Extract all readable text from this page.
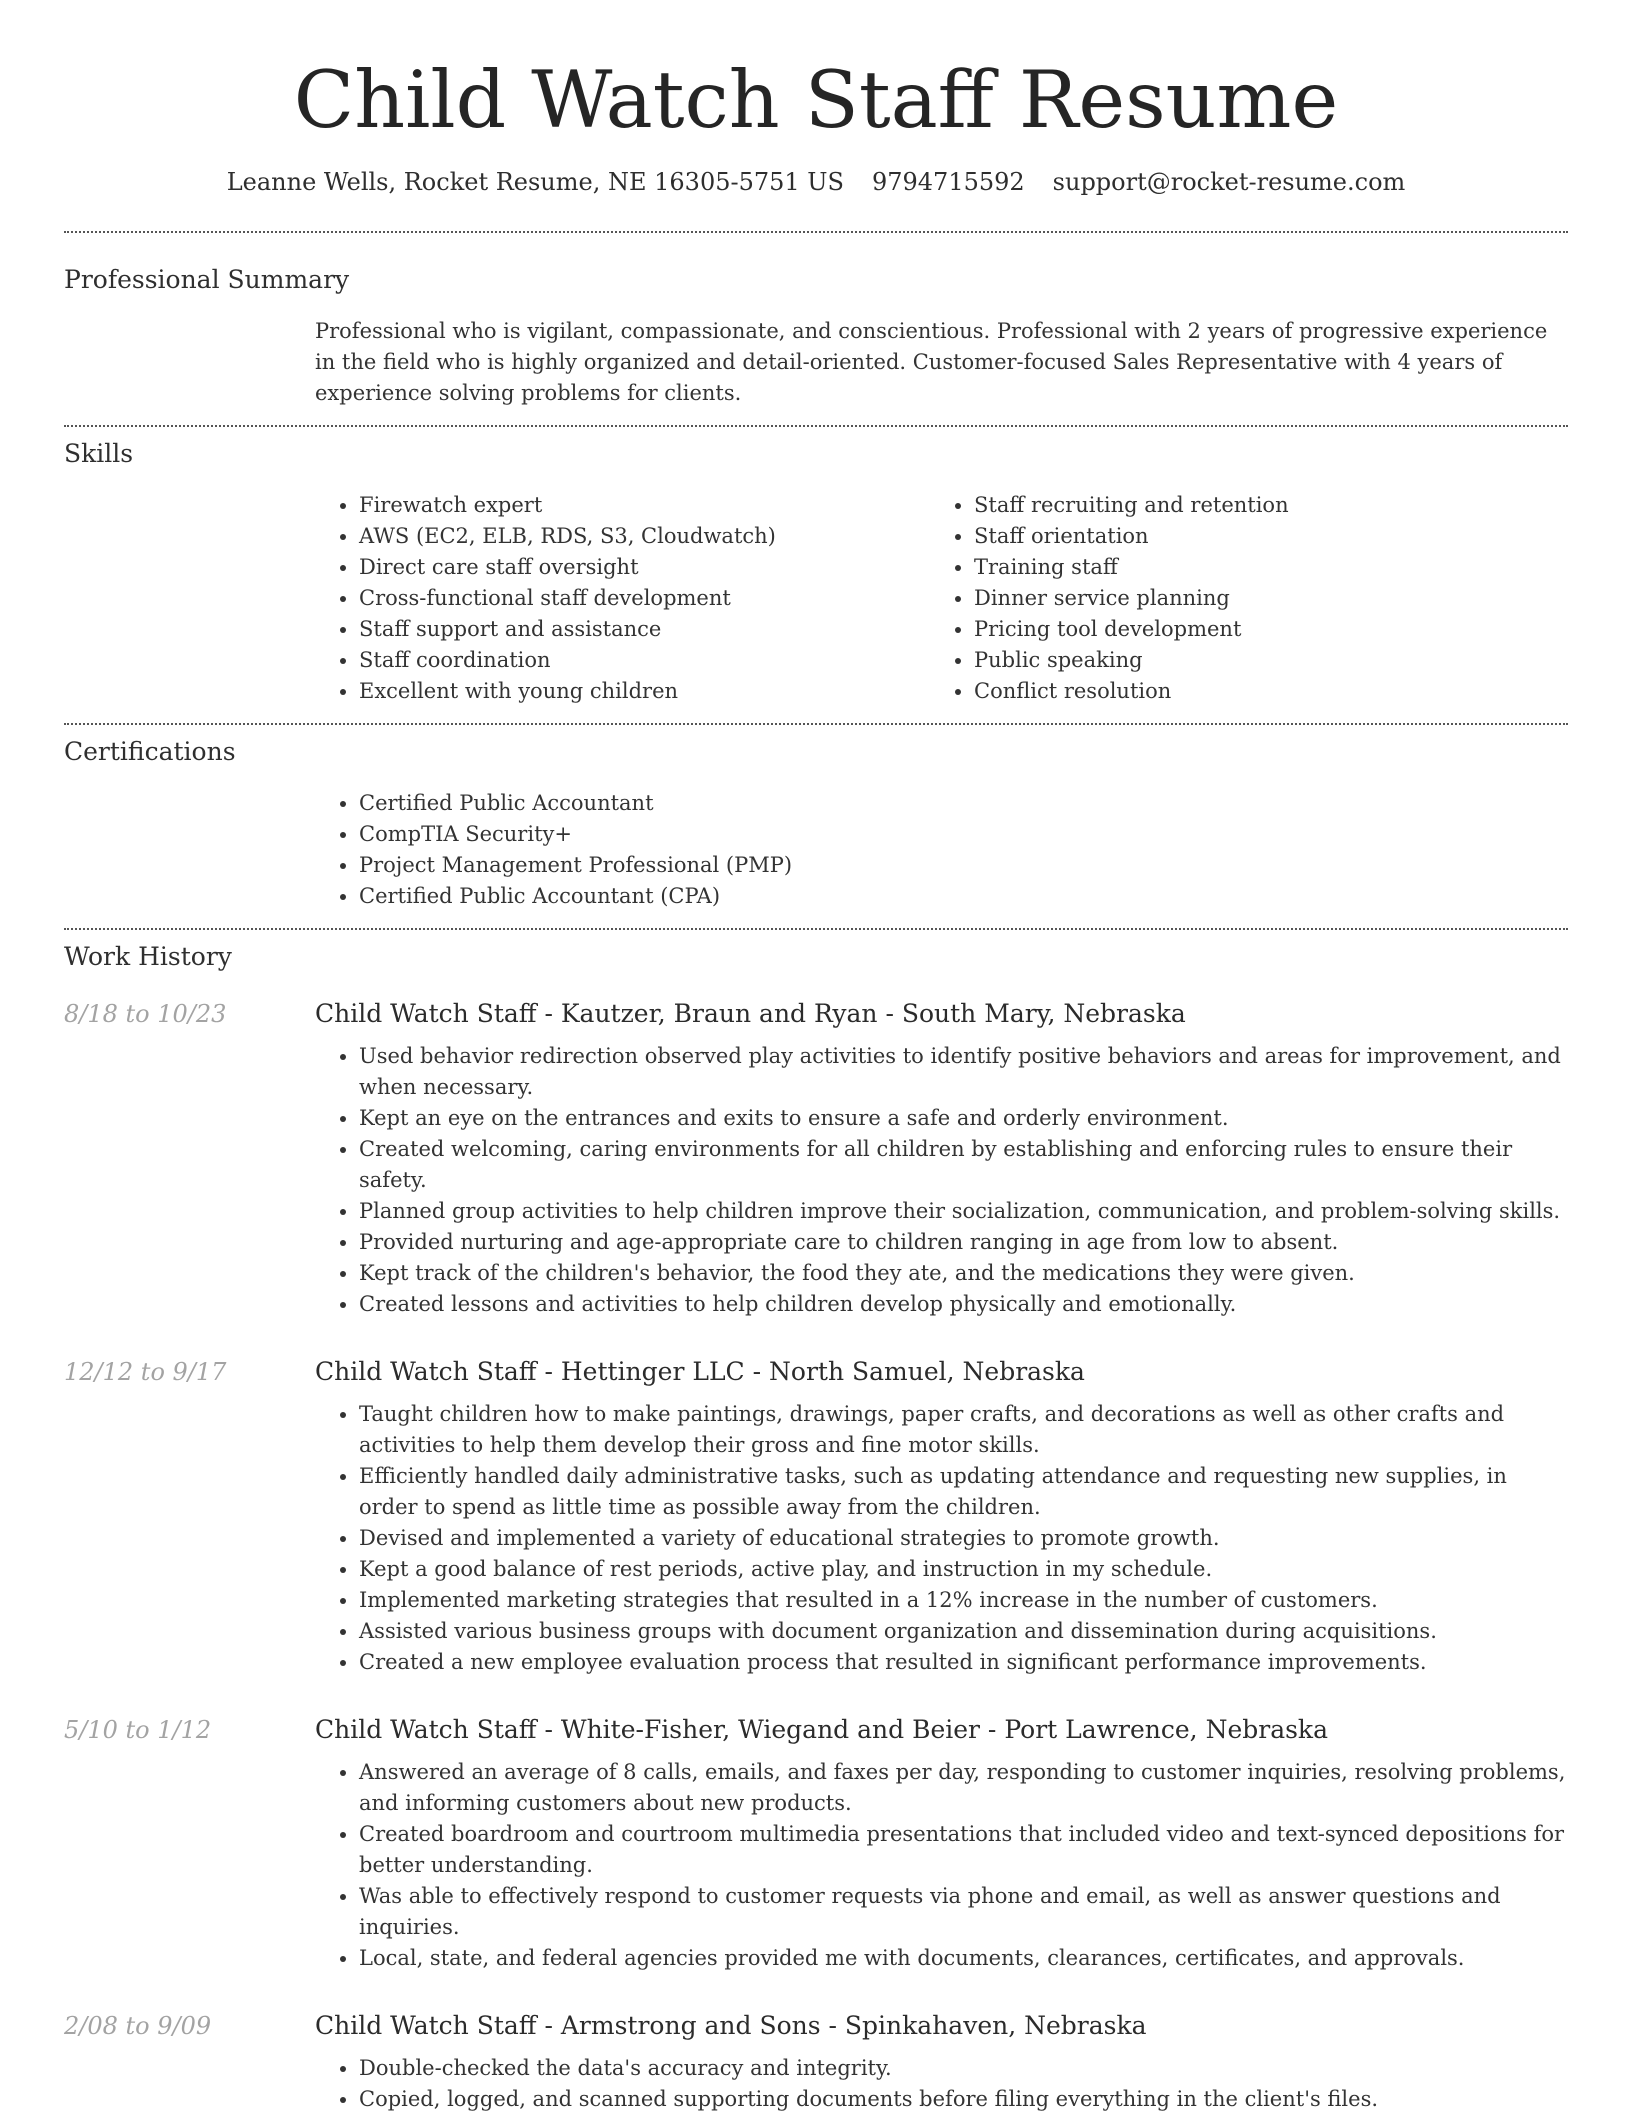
Child Watch Staff Resume
Leanne Wells, Rocket Resume, NE 16305-5751 US 9794715592 support@rocket-resume.com
Professional Summary

Professional who is vigilant, compassionate, and conscientious. Professional with 2 years of progressive experience in the field who is highly organized and detail-oriented. Customer-focused Sales Representative with 4 years of experience solving problems for clients.

Skills
• Firewatch expert
• AWS (EC2, ELB, RDS, S3, Cloudwatch)
• Direct care staff oversight
• Cross-functional staff development
• Staff support and assistance
• Staff coordination
• Excellent with young children
• Staff recruiting and retention
• Staff orientation
• Training staff
• Dinner service planning
• Pricing tool development
• Public speaking
• Conflict resolution
Certifications
• Certified Public Accountant
• CompTIA Security+
• Project Management Professional (PMP)
• Certified Public Accountant (CPA)
Work History
8/18 to 10/23	Child Watch Staff - Kautzer, Braun and Ryan - South Mary, Nebraska
• Used behavior redirection observed play activities to identify positive behaviors and areas for improvement, and when necessary.
• Kept an eye on the entrances and exits to ensure a safe and orderly environment.
• Created welcoming, caring environments for all children by establishing and enforcing rules to ensure their safety.
• Planned group activities to help children improve their socialization, communication, and problem-solving skills.
• Provided nurturing and age-appropriate care to children ranging in age from low to absent.
• Kept track of the children's behavior, the food they ate, and the medications they were given.
• Created lessons and activities to help children develop physically and emotionally.
12/12 to 9/17	Child Watch Staff - Hettinger LLC - North Samuel, Nebraska
• Taught children how to make paintings, drawings, paper crafts, and decorations as well as other crafts and activities to help them develop their gross and fine motor skills.
• Efficiently handled daily administrative tasks, such as updating attendance and requesting new supplies, in order to spend as little time as possible away from the children.
• Devised and implemented a variety of educational strategies to promote growth.
• Kept a good balance of rest periods, active play, and instruction in my schedule.
• Implemented marketing strategies that resulted in a 12% increase in the number of customers.
• Assisted various business groups with document organization and dissemination during acquisitions.
• Created a new employee evaluation process that resulted in significant performance improvements.
5/10 to 1/12	Child Watch Staff - White-Fisher, Wiegand and Beier - Port Lawrence, Nebraska
• Answered an average of 8 calls, emails, and faxes per day, responding to customer inquiries, resolving problems, and informing customers about new products.
• Created boardroom and courtroom multimedia presentations that included video and text-synced depositions for better understanding.
• Was able to effectively respond to customer requests via phone and email, as well as answer questions and inquiries.
• Local, state, and federal agencies provided me with documents, clearances, certificates, and approvals.
2/08 to 9/09	Child Watch Staff - Armstrong and Sons - Spinkahaven, Nebraska
• Double-checked the data's accuracy and integrity.
• Copied, logged, and scanned supporting documents before filing everything in the client's files.
